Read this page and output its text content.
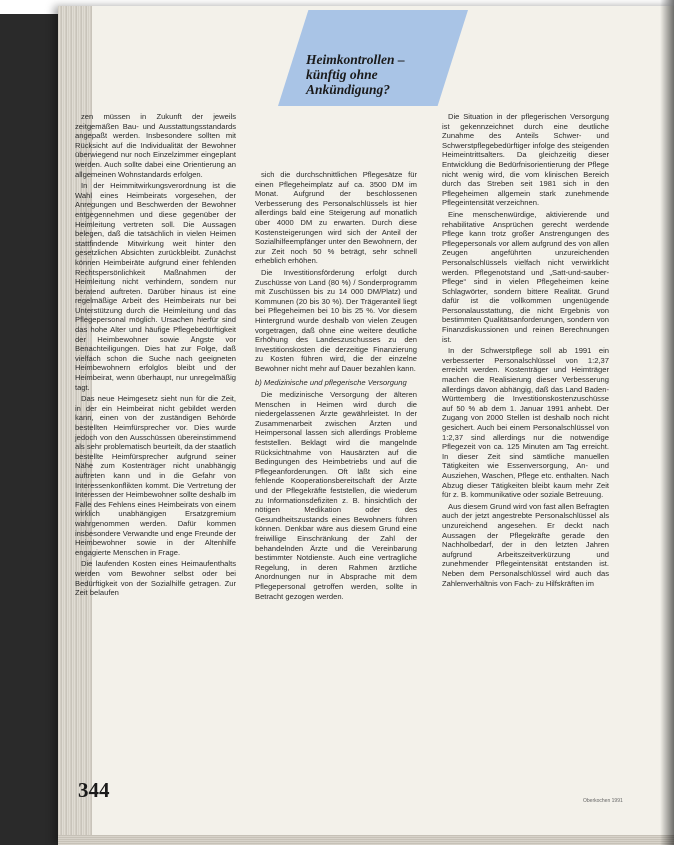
Heimkontrollen –
künftig ohne
Ankündigung?

zen müssen in Zukunft der jeweils zeitgemäßen Bau- und Ausstattungsstandards angepaßt werden. Insbesondere sollten mit Rücksicht auf die Individualität der Bewohner überwiegend nur noch Einzelzimmer eingeplant werden. Auch sollte dabei eine Orientierung an allgemeinen Wohnstandards erfolgen.

In der Heimmitwirkungsverordnung ist die Wahl eines Heimbeirats vorgesehen, der Anregungen und Beschwerden der Bewohner entgegennehmen und diese gegenüber der Heimleitung vertreten soll. Die Aussagen belegen, daß die tatsächlich in vielen Heimen stattfindende Mitwirkung weit hinter den gesetzlichen Absichten zurückbleibt. Zunächst können Heimbeiräte aufgrund einer fehlenden Rechtspersönlichkeit Maßnahmen der Heimleitung nicht verhindern, sondern nur beratend auftreten. Darüber hinaus ist eine regelmäßige Arbeit des Heimbeirats nur bei Unterstützung durch die Heimleitung und das Pflegepersonal möglich. Ursachen hierfür sind das hohe Alter und häufige Pflegebedürftigkeit der Heimbewohner sowie Ängste vor Benachteiligungen. Dies hat zur Folge, daß vielfach schon die Suche nach geeigneten Heimbewohnern erfolglos bleibt und der Heimbeirat, wenn überhaupt, nur unregelmäßig tagt.

Das neue Heimgesetz sieht nun für die Zeit, in der ein Heimbeirat nicht gebildet werden kann, einen von der zuständigen Behörde bestellten Heimfürsprecher vor. Dies wurde jedoch von den Ausschüssen übereinstimmend als sehr problematisch beurteilt, da der staatlich bestellte Heimfürsprecher aufgrund seiner Nähe zum Kostenträger nicht unabhängig auftreten kann und in die Gefahr von Interessenkonflikten kommt. Die Vertretung der Interessen der Heimbewohner sollte deshalb im Falle des Fehlens eines Heimbeirats von einem wirklich unabhängigen Ersatzgremium wahrgenommen werden. Dafür kommen insbesondere Verwandte und enge Freunde der Heimbewohner sowie in der Altenhilfe engagierte Menschen in Frage.

Die laufenden Kosten eines Heimaufenthalts werden vom Bewohner selbst oder bei Bedürftigkeit von der Sozialhilfe getragen. Zur Zeit belaufen

sich die durchschnittlichen Pflegesätze für einen Pflegeheimplatz auf ca. 3500 DM im Monat. Aufgrund der beschlossenen Verbesserung des Personalschlüssels ist hier allerdings bald eine Steigerung auf monatlich über 4000 DM zu erwarten. Durch diese Kostensteigerungen wird sich der Anteil der Sozialhilfeempfänger unter den Bewohnern, der zur Zeit noch 50 % beträgt, sehr schnell erheblich erhöhen.

Die Investitionsförderung erfolgt durch Zuschüsse von Land (80 %) / Sonderprogramm mit Zuschüssen bis zu 14 000 DM/Platz) und Kommunen (20 bis 30 %). Der Trägeranteil liegt bei Pflegeheimen bei 10 bis 25 %. Vor diesem Hintergrund wurde deshalb von vielen Zeugen vorgetragen, daß ohne eine weitere deutliche Erhöhung des Landeszuschusses zu den Investitionskosten die derzeitige Finanzierung zu Kosten führen wird, die der einzelne Bewohner nicht mehr auf Dauer bezahlen kann.

b) Medizinische und pflegerische Versorgung

Die medizinische Versorgung der älteren Menschen in Heimen wird durch die niedergelassenen Ärzte gewährleistet. In der Zusammenarbeit zwischen Ärzten und Heimpersonal lassen sich allerdings Probleme feststellen. Beklagt wird die mangelnde Rücksichtnahme von Hausärzten auf die Bedingungen des Heimbetriebs und auf die Pflegeanforderungen. Oft läßt sich eine fehlende Kooperationsbereitschaft der Ärzte und der Pflegekräfte feststellen, die wiederum zu Informationsdefiziten z. B. hinsichtlich der nötigen Medikation oder des Gesundheitszustands eines Bewohners führen können. Denkbar wäre aus diesem Grund eine freiwillige Einschränkung der Zahl der behandelnden Ärzte und die Vereinbarung bestimmter Notdienste. Auch eine vertragliche Regelung, in deren Rahmen ärztliche Anordnungen nur in Absprache mit dem Pflegepersonal getroffen werden, sollte in Betracht gezogen werden.

Die Situation in der pflegerischen Versorgung ist gekennzeichnet durch eine deutliche Zunahme des Anteils Schwer- und Schwerstpflegebedürftiger infolge des steigenden Heimeintrittsalters. Da gleichzeitig dieser Entwicklung die Bedürfnisorientierung der Pflege nicht wenig wird, die vom klinischen Bereich durch das Streben seit 1981 sich in den Pflegeheimen allgemein stark zunehmende Pflegeintensität verzeichnen.

Eine menschenwürdige, aktivierende und rehabilitative Ansprüchen gerecht werdende Pflege kann trotz großer Anstrengungen des Pflegepersonals vor allem aufgrund des von allen Zeugen angeführten unzureichenden Personalschlüssels vielfach nicht verwirklicht werden. Pflegenotstand und „Satt-und-sauber-Pflege“ sind in vielen Pflegeheimen keine Schlagwörter, sondern bittere Realität. Grund dafür ist die vollkommen ungenügende Personalausstattung, die nicht Ergebnis von bestimmten Qualitätsanforderungen, sondern von Finanzdiskussionen und reinen Berechnungen ist.

In der Schwerstpflege soll ab 1991 ein verbesserter Personalschlüssel von 1:2,37 erreicht werden. Kostenträger und Heimträger machen die Realisierung dieser Verbesserung allerdings davon abhängig, daß das Land Baden-Württemberg die Investitionskostenzuschüsse auf 50 % ab dem 1. Januar 1991 anhebt. Der Zugang von 2000 Stellen ist deshalb noch nicht gesichert. Auch bei einem Personalschlüssel von 1:2,37 sind allerdings nur die notwendige Pflegezeit von ca. 125 Minuten am Tag erreicht. In dieser Zeit sind sämtliche manuellen Tätigkeiten wie Essenversorgung, An- und Ausziehen, Waschen, Pflege etc. enthalten. Nach Abzug dieser Tätigkeiten bleibt kaum mehr Zeit für z. B. kommunikative oder soziale Betreuung.

Aus diesem Grund wird von fast allen Befragten auch der jetzt angestrebte Personalschlüssel als unzureichend angesehen. Er deckt nach Aussagen der Pflegekräfte gerade den Nachholbedarf, der in den letzten Jahren aufgrund Arbeitszeitverkürzung und zunehmender Pflegeintensität entstanden ist. Neben dem Personalschlüssel wird auch das Zahlenverhältnis von Fach- zu Hilfskräften im

344	Oberkochen 1991
